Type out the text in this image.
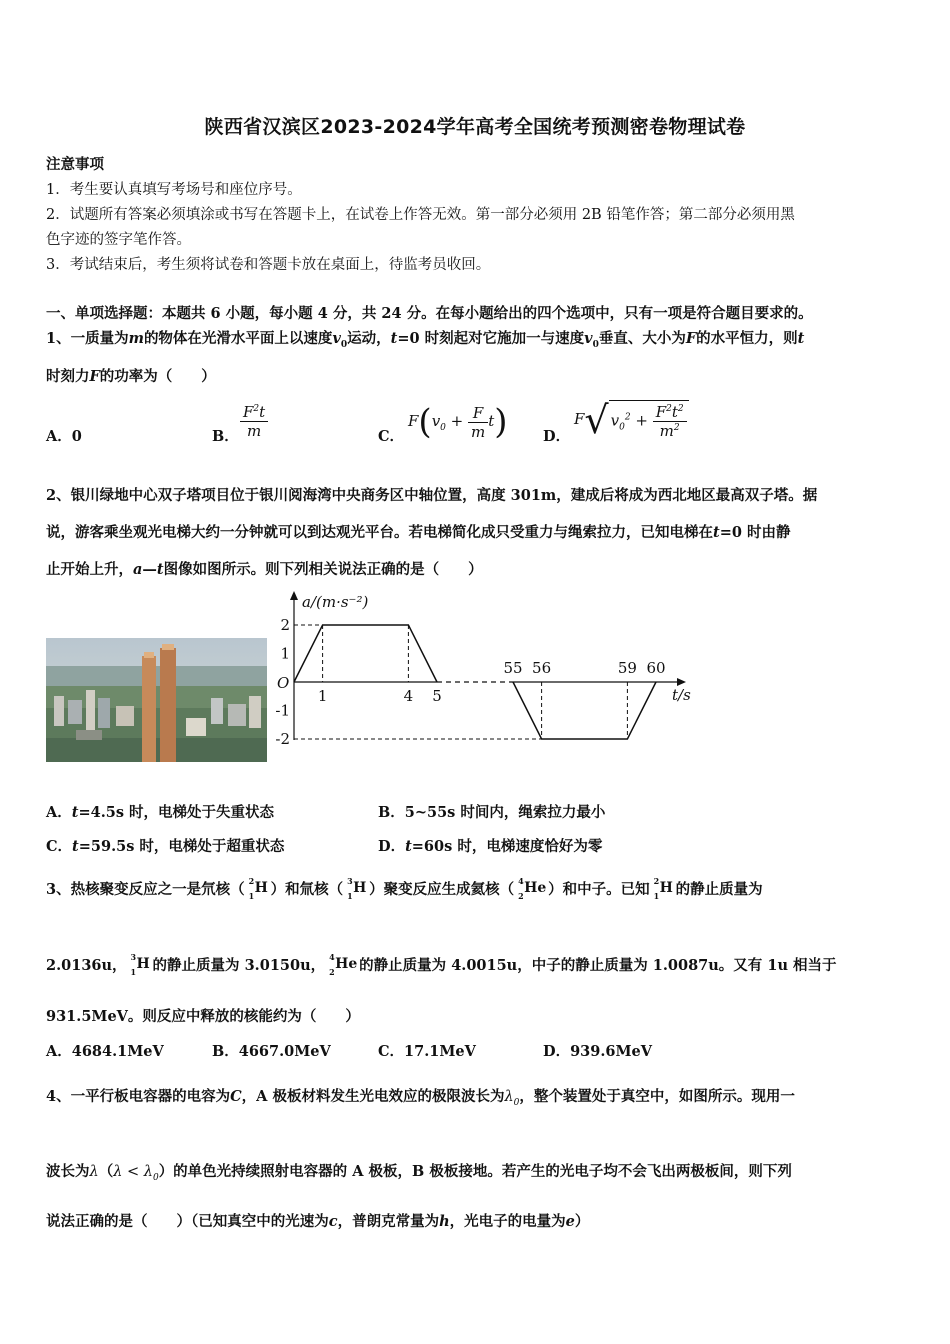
陕西省汉滨区2023-2024学年高考全国统考预测密卷物理试卷
注意事项
1．考生要认真填写考场号和座位序号。
2．试题所有答案必须填涂或书写在答题卡上，在试卷上作答无效。第一部分必须用 2B 铅笔作答；第二部分必须用黑
色字迹的签字笔作答。
3．考试结束后，考生须将试卷和答题卡放在桌面上，待监考员收回。
一、单项选择题：本题共 6 小题，每小题 4 分，共 24 分。在每小题给出的四个选项中，只有一项是符合题目要求的。
1、一质量为m的物体在光滑水平面上以速度$v_0$运动，t=0 时刻起对它施加一与速度$v_0$垂直、大小为F的水平恒力，则t
时刻力F的功率为（　　）
A．0	B． $\frac{F^2t}{m}$	C．
$F(v_0 + \frac{F}{m} t)$ D．
F√ $v_0^2 + \frac{F^2t^2}{m^2}$
2、银川绿地中心双子塔项目位于银川阅海湾中央商务区中轴位置，高度 301m，建成后将成为西北地区最高双子塔。据
说，游客乘坐观光电梯大约一分钟就可以到达观光平台。若电梯简化成只受重力与绳索拉力，已知电梯在t=0 时由静
止开始上升，a—t图像如图所示。则下列相关说法正确的是（　　）
a/(m·s⁻²)
t/s
O
2
1
-1
-2
1	4 5
55 56	59 60
A．t=4.5s 时，电梯处于失重状态	B．5~55s 时间内，绳索拉力最小
C．t=59.5s 时，电梯处于超重状态	D．t=60s 时，电梯速度恰好为零
3、热核聚变反应之一是氘核（ 2
1 H ）和氚核（ 3
1 H ）聚变反应生成氦核（ 4
2 He ）和中子。已知 2
1 H 的静止质量为
2.0136u， 3
1 H 的静止质量为 3.0150u， 4
2 He 的静止质量为 4.0015u，中子的静止质量为 1.0087u。又有 1u 相当于
931.5MeV。则反应中释放的核能约为（　　）
A．4684.1MeV	B．4667.0MeV	C．17.1MeV	D．939.6MeV
4、一平行板电容器的电容为C，A 极板材料发生光电效应的极限波长为$\lambda_0$，整个装置处于真空中，如图所示。现用一
波长为$\lambda(\lambda < \lambda_0)$的单色光持续照射电容器的 A 极板，B 极板接地。若产生的光电子均不会飞出两极板间，则下列
说法正确的是（　　）（已知真空中的光速为c，普朗克常量为h，光电子的电量为e）
